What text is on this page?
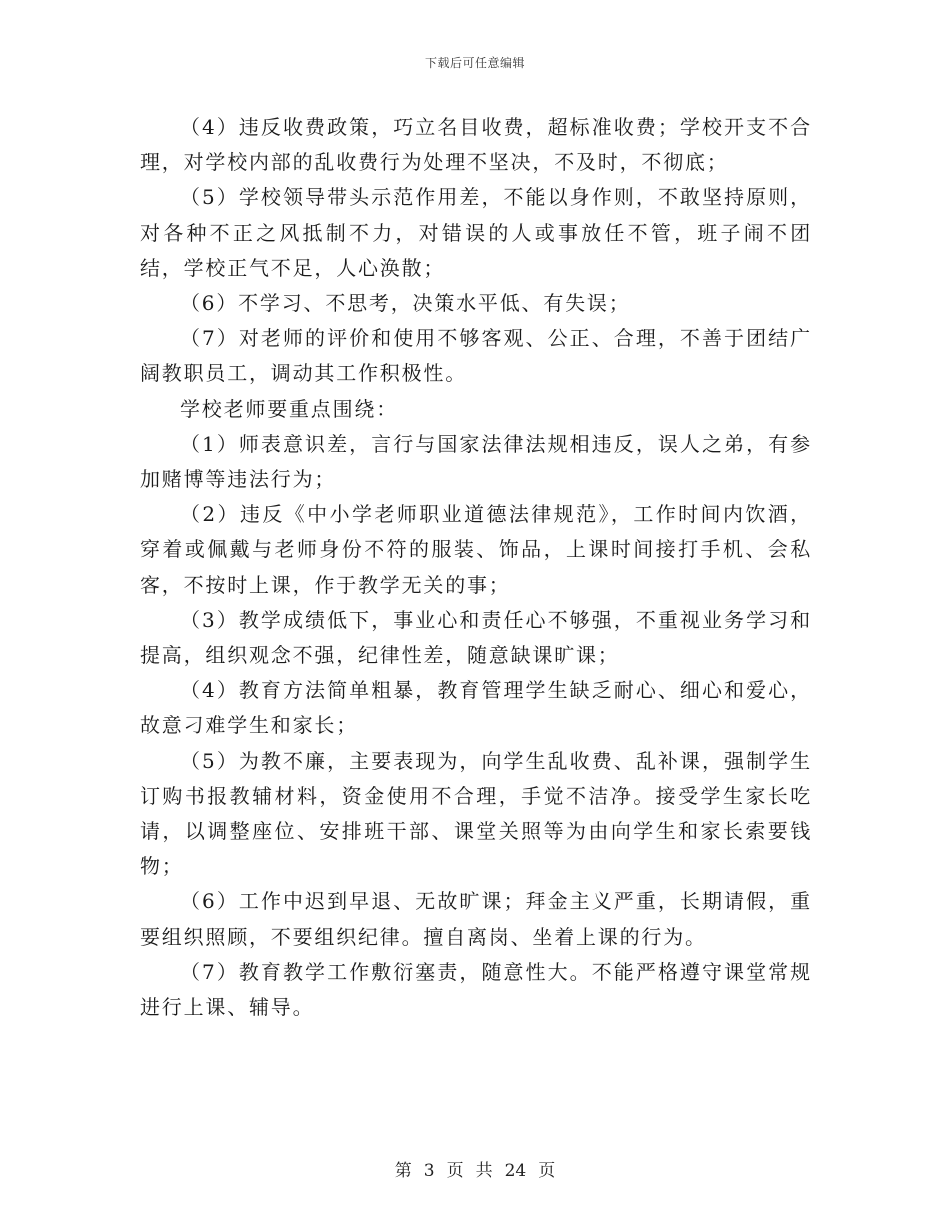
下载后可任意编辑

（4）违反收费政策，巧立名目收费，超标准收费；学校开支不合理，对学校内部的乱收费行为处理不坚决，不及时，不彻底；

（5）学校领导带头示范作用差，不能以身作则，不敢坚持原则，对各种不正之风抵制不力，对错误的人或事放任不管，班子闹不团结，学校正气不足，人心涣散；

（6）不学习、不思考，决策水平低、有失误；

（7）对老师的评价和使用不够客观、公正、合理，不善于团结广阔教职员工，调动其工作积极性。

学校老师要重点围绕：

（1）师表意识差，言行与国家法律法规相违反，误人之弟，有参加赌博等违法行为；

（2）违反《中小学老师职业道德法律规范》，工作时间内饮酒，穿着或佩戴与老师身份不符的服装、饰品，上课时间接打手机、会私客，不按时上课，作于教学无关的事；

（3）教学成绩低下，事业心和责任心不够强，不重视业务学习和提高，组织观念不强，纪律性差，随意缺课旷课；

（4）教育方法简单粗暴，教育管理学生缺乏耐心、细心和爱心，故意刁难学生和家长；

（5）为教不廉，主要表现为，向学生乱收费、乱补课，强制学生订购书报教辅材料，资金使用不合理，手觉不洁净。接受学生家长吃请，以调整座位、安排班干部、课堂关照等为由向学生和家长索要钱物；

（6）工作中迟到早退、无故旷课；拜金主义严重，长期请假，重要组织照顾，不要组织纪律。擅自离岗、坐着上课的行为。

（7）教育教学工作敷衍塞责，随意性大。不能严格遵守课堂常规进行上课、辅导。

第 3 页 共 24 页
